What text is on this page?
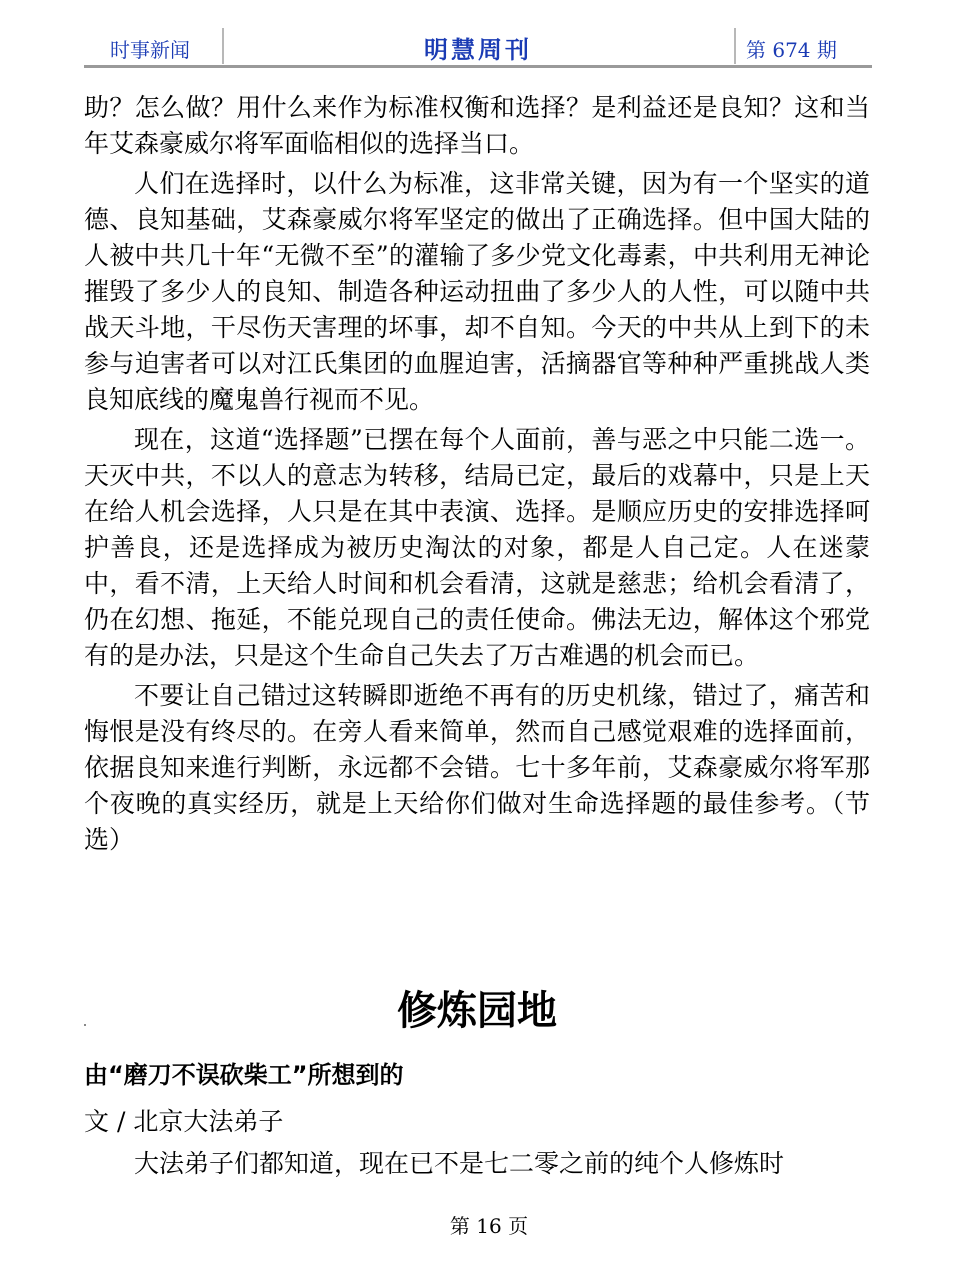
时事新闻	明慧周刊	第 674 期

助？怎么做？用什么来作为标准权衡和选择？是利益还是良知？这和当年艾森豪威尔将军面临相似的选择当口。

人们在选择时，以什么为标准，这非常关键，因为有一个坚实的道德、良知基础，艾森豪威尔将军坚定的做出了正确选择。但中国大陆的人被中共几十年“无微不至”的灌输了多少党文化毒素，中共利用无神论摧毁了多少人的良知、制造各种运动扭曲了多少人的人性，可以随中共战天斗地，干尽伤天害理的坏事，却不自知。今天的中共从上到下的未参与迫害者可以对江氏集团的血腥迫害，活摘器官等种种严重挑战人类良知底线的魔鬼兽行视而不见。

现在，这道“选择题”已摆在每个人面前，善与恶之中只能二选一。天灭中共，不以人的意志为转移，结局已定，最后的戏幕中，只是上天在给人机会选择，人只是在其中表演、选择。是顺应历史的安排选择呵护善良，还是选择成为被历史淘汰的对象，都是人自己定。人在迷蒙中，看不清，上天给人时间和机会看清，这就是慈悲；给机会看清了，仍在幻想、拖延，不能兑现自己的责任使命。佛法无边，解体这个邪党有的是办法，只是这个生命自己失去了万古难遇的机会而已。

不要让自己错过这转瞬即逝绝不再有的历史机缘，错过了，痛苦和悔恨是没有终尽的。在旁人看来简单，然而自己感觉艰难的选择面前，依据良知来進行判断，永远都不会错。七十多年前，艾森豪威尔将军那个夜晚的真实经历，就是上天给你们做对生命选择题的最佳参考。（节选）

修炼园地
由“磨刀不误砍柴工”所想到的
文 / 北京大法弟子
大法弟子们都知道，现在已不是七二零之前的纯个人修炼时
第 16 页
